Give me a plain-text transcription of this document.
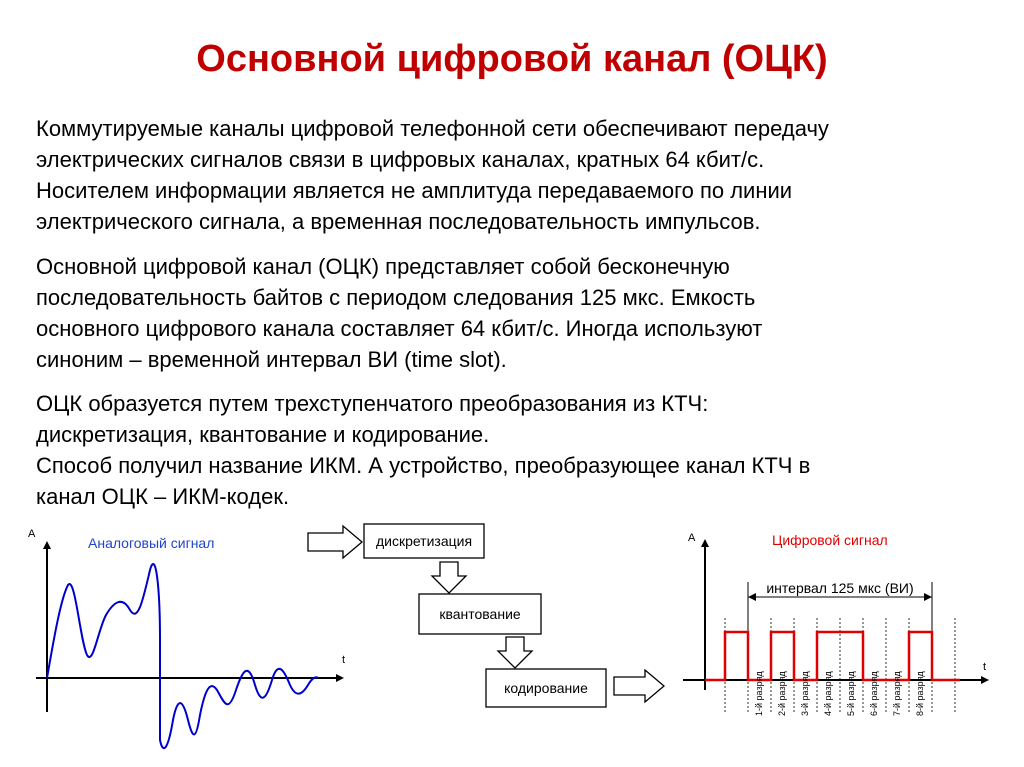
Основной цифровой канал (ОЦК)
Коммутируемые каналы цифровой телефонной сети обеспечивают передачу
электрических сигналов связи в цифровых каналах, кратных 64 кбит/с.
Носителем информации является не амплитуда передаваемого по линии
электрического сигнала, а временная последовательность импульсов.
Основной цифровой канал (ОЦК) представляет собой бесконечную
последовательность байтов с периодом следования 125 мкс. Емкость
основного цифрового канала составляет 64 кбит/с. Иногда используют
синоним – временной интервал ВИ (time slot).
ОЦК образуется путем трехступенчатого преобразования из КТЧ:
дискретизация, квантование и кодирование.
Способ получил название ИКМ. А устройство, преобразующее канал КТЧ в
канал ОЦК – ИКМ-кодек.
A
t
Аналоговый сигнал	дискретизация
квантование
кодирование
A
t
Цифровой сигнал
интервал 125 мкс (ВИ)
1-й разряд 2-й разряд 3-й разряд 4-й разряд 5-й разряд 6-й разряд 7-й разряд 8-й разряд
